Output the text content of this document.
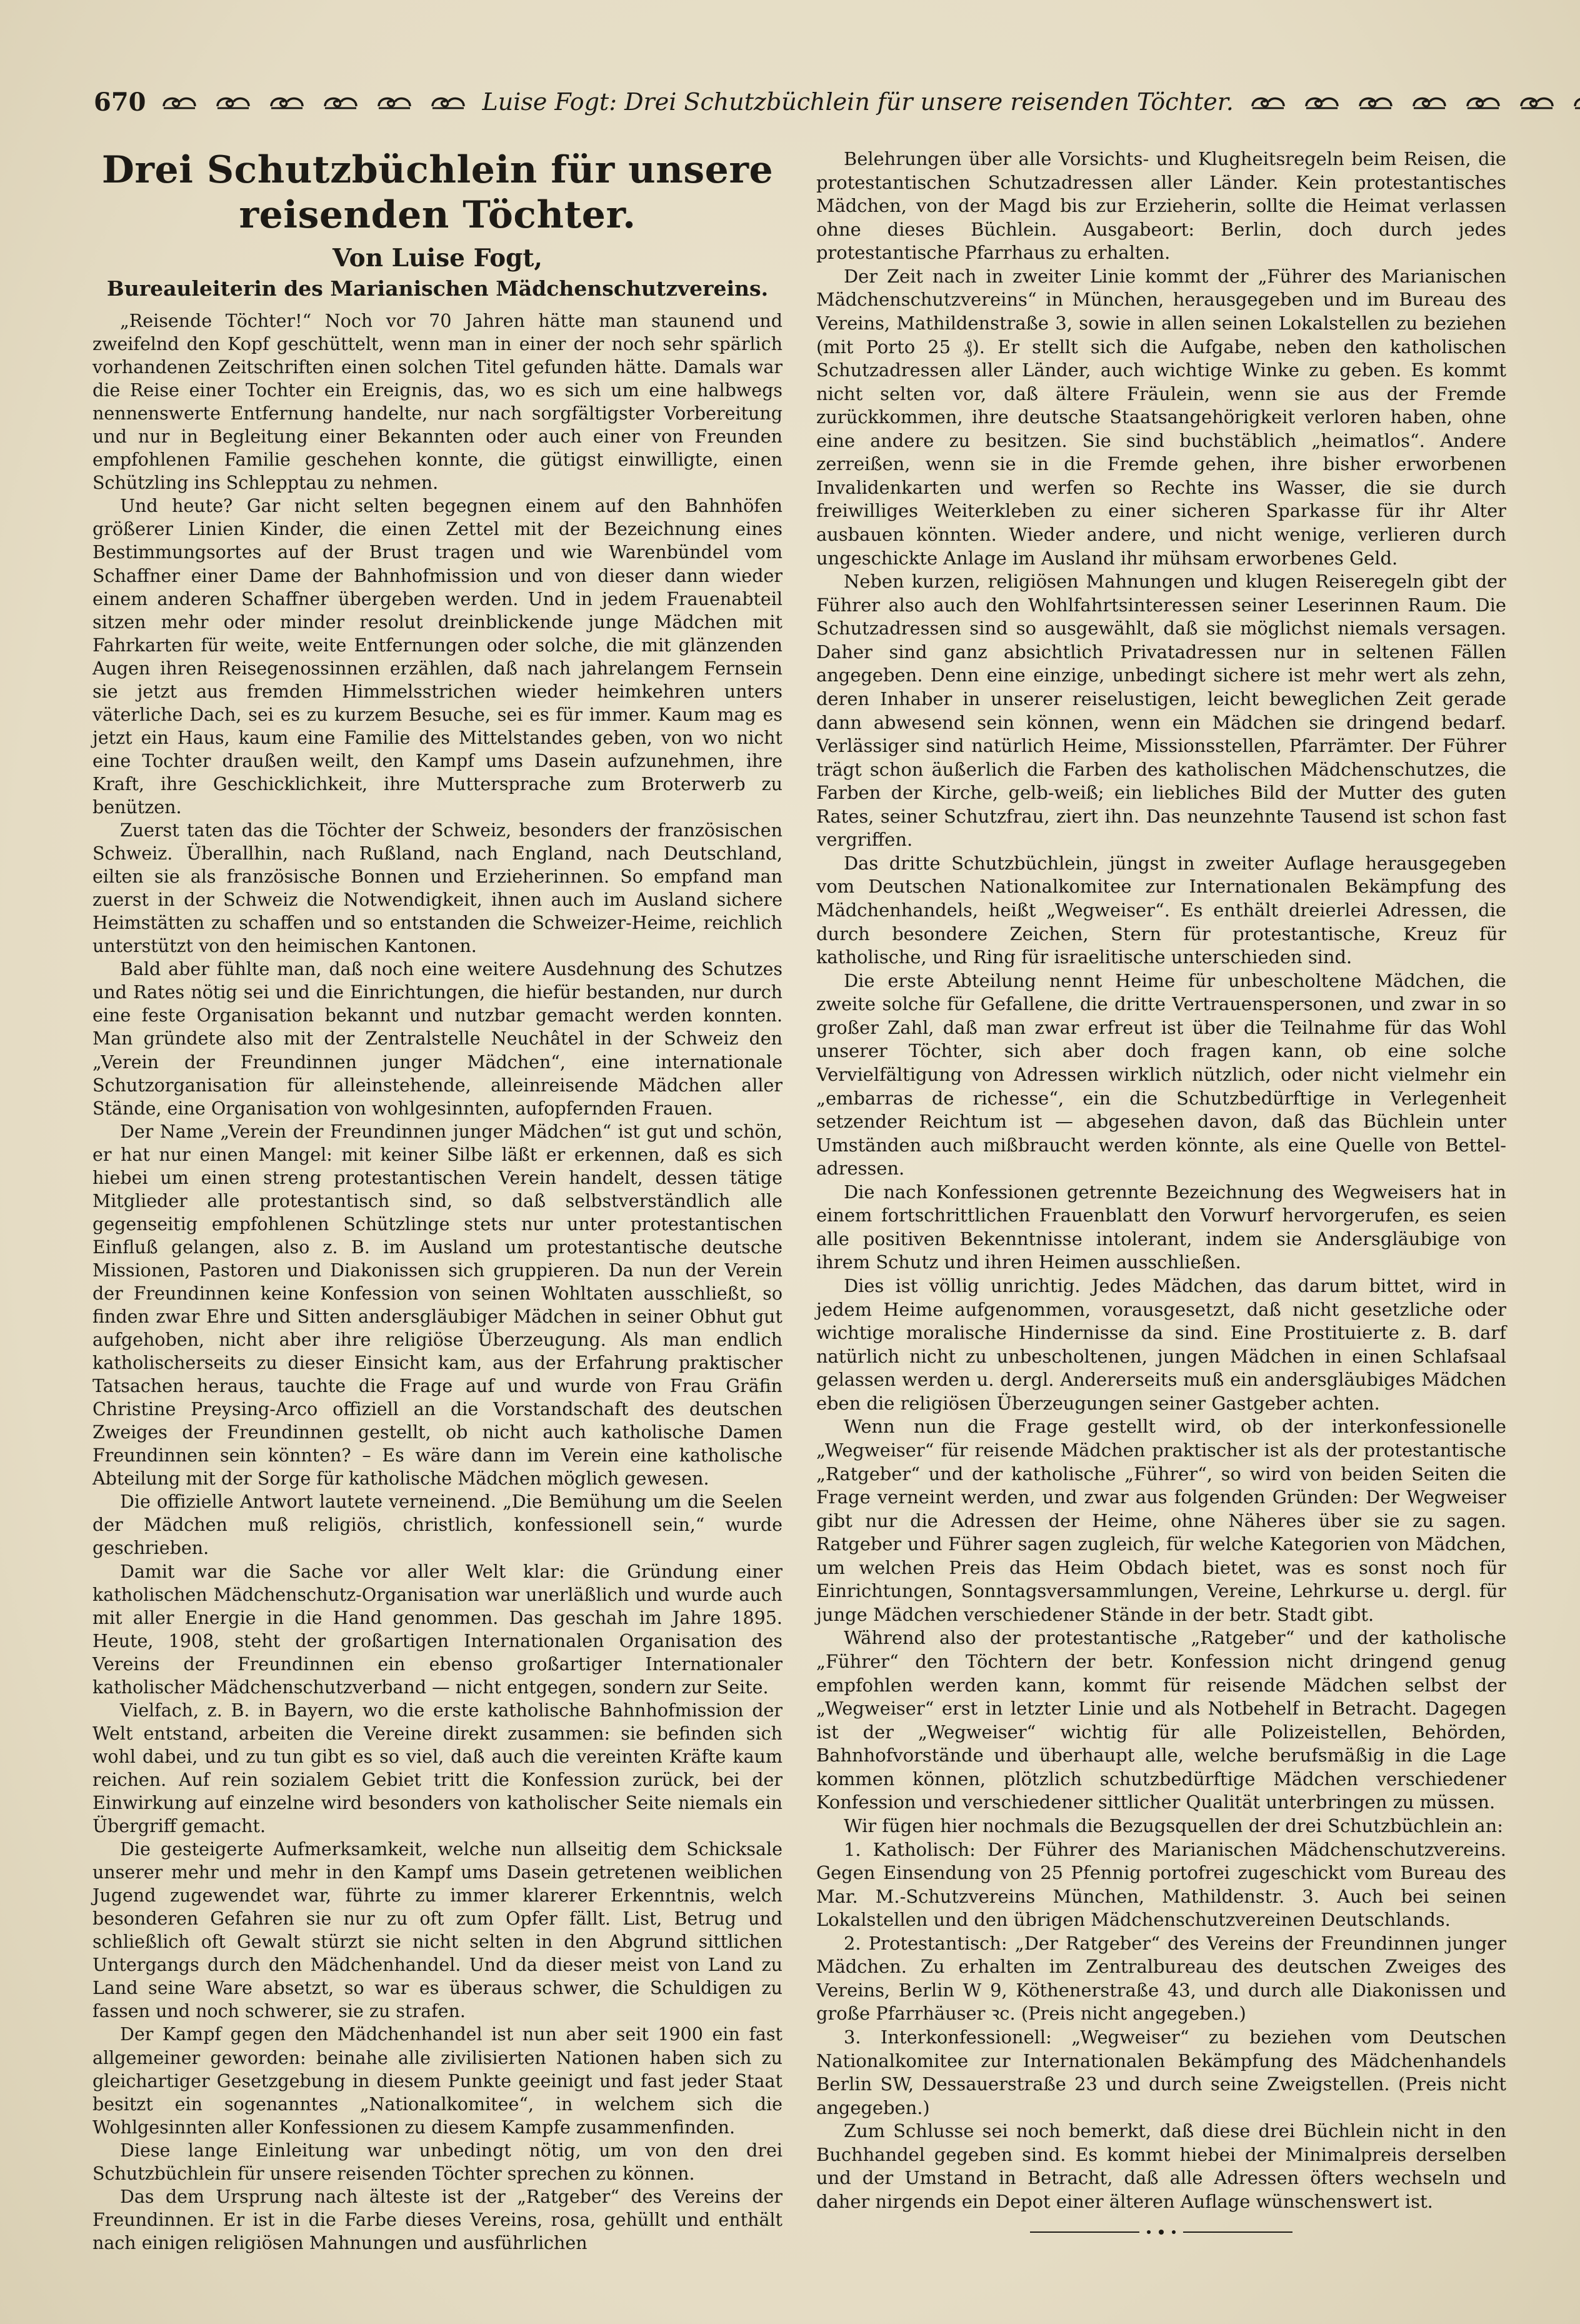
670	Luise Fogt: Drei Schutzbüchlein für unsere reisenden Töchter.
Drei Schutzbüchlein für unsere reisenden Töchter.
Von Luise Fogt,
Bureauleiterin des Marianischen Mädchenschutzvereins.

„Reisende Töchter!“ Noch vor 70 Jahren hätte man staunend und zweifelnd den Kopf geschüttelt, wenn man in einer der noch sehr spärlich vorhandenen Zeitschriften einen solchen Titel gefunden hätte. Damals war die Reise einer Tochter ein Ereignis, das, wo es sich um eine halbwegs nennenswerte Entfernung handelte, nur nach sorgfältigster Vorbereitung und nur in Begleitung einer Bekannten oder auch einer von Freunden empfohlenen Familie geschehen konnte, die gütigst einwilligte, einen Schützling ins Schlepptau zu nehmen.

Und heute? Gar nicht selten begegnen einem auf den Bahnhöfen größerer Linien Kinder, die einen Zettel mit der Bezeichnung eines Bestimmungsortes auf der Brust tragen und wie Warenbündel vom Schaffner einer Dame der Bahnhofmission und von dieser dann wieder einem anderen Schaffner übergeben werden. Und in jedem Frauenabteil sitzen mehr oder minder resolut dreinblickende junge Mädchen mit Fahrkarten für weite, weite Entfernungen oder solche, die mit glänzenden Augen ihren Reisegenossinnen erzählen, daß nach jahrelangem Fernsein sie jetzt aus fremden Himmelsstrichen wieder heimkehren unters väterliche Dach, sei es zu kurzem Besuche, sei es für immer. Kaum mag es jetzt ein Haus, kaum eine Familie des Mittelstandes geben, von wo nicht eine Tochter draußen weilt, den Kampf ums Dasein aufzunehmen, ihre Kraft, ihre Geschicklichkeit, ihre Muttersprache zum Broterwerb zu benützen.

Zuerst taten das die Töchter der Schweiz, besonders der französischen Schweiz. Überallhin, nach Rußland, nach England, nach Deutschland, eilten sie als französische Bonnen und Erzieherinnen. So empfand man zuerst in der Schweiz die Notwendigkeit, ihnen auch im Ausland sichere Heimstätten zu schaffen und so entstanden die Schweizer-Heime, reichlich unterstützt von den heimischen Kantonen.

Bald aber fühlte man, daß noch eine weitere Ausdehnung des Schutzes und Rates nötig sei und die Einrichtungen, die hiefür bestanden, nur durch eine feste Organisation bekannt und nutzbar gemacht werden konnten. Man gründete also mit der Zentralstelle Neuchâtel in der Schweiz den „Verein der Freundinnen junger Mädchen“, eine internationale Schutzorganisation für alleinstehende, alleinreisende Mädchen aller Stände, eine Organisation von wohlgesinnten, aufopfernden Frauen.

Der Name „Verein der Freundinnen junger Mädchen“ ist gut und schön, er hat nur einen Mangel: mit keiner Silbe läßt er erkennen, daß es sich hiebei um einen streng protestantischen Verein handelt, dessen tätige Mitglieder alle protestantisch sind, so daß selbstverständlich alle gegenseitig empfohlenen Schützlinge stets nur unter protestantischen Einfluß gelangen, also z. B. im Ausland um protestantische deutsche Missionen, Pastoren und Diakonissen sich gruppieren. Da nun der Verein der Freundinnen keine Konfession von seinen Wohltaten ausschließt, so finden zwar Ehre und Sitten andersgläubiger Mädchen in seiner Obhut gut aufgehoben, nicht aber ihre religiöse Überzeugung. Als man endlich katholischerseits zu dieser Einsicht kam, aus der Erfahrung praktischer Tatsachen heraus, tauchte die Frage auf und wurde von Frau Gräfin Christine Preysing-Arco offiziell an die Vorstandschaft des deutschen Zweiges der Freundinnen gestellt, ob nicht auch katholische Damen Freundinnen sein könnten? – Es wäre dann im Verein eine katholische Abteilung mit der Sorge für katholische Mädchen möglich gewesen.

Die offizielle Antwort lautete verneinend. „Die Bemühung um die Seelen der Mädchen muß religiös, christlich, konfessionell sein,“ wurde geschrieben.

Damit war die Sache vor aller Welt klar: die Gründung einer katholischen Mädchenschutz-Organisation war unerläßlich und wurde auch mit aller Energie in die Hand genommen. Das geschah im Jahre 1895. Heute, 1908, steht der großartigen Internationalen Organisation des Vereins der Freundinnen ein ebenso großartiger Internationaler katholischer Mädchenschutzverband — nicht entgegen, sondern zur Seite.

Vielfach, z. B. in Bayern, wo die erste katholische Bahnhofmission der Welt entstand, arbeiten die Vereine direkt zusammen: sie befinden sich wohl dabei, und zu tun gibt es so viel, daß auch die vereinten Kräfte kaum reichen. Auf rein sozialem Gebiet tritt die Konfession zurück, bei der Einwirkung auf einzelne wird besonders von katholischer Seite niemals ein Übergriff gemacht.

Die gesteigerte Aufmerksamkeit, welche nun allseitig dem Schicksale unserer mehr und mehr in den Kampf ums Dasein getretenen weiblichen Jugend zugewendet war, führte zu immer klarerer Erkenntnis, welch besonderen Gefahren sie nur zu oft zum Opfer fällt. List, Betrug und schließlich oft Gewalt stürzt sie nicht selten in den Abgrund sittlichen Untergangs durch den Mädchenhandel. Und da dieser meist von Land zu Land seine Ware absetzt, so war es überaus schwer, die Schuldigen zu fassen und noch schwerer, sie zu strafen.

Der Kampf gegen den Mädchenhandel ist nun aber seit 1900 ein fast allgemeiner geworden: beinahe alle zivilisierten Nationen haben sich zu gleichartiger Gesetzgebung in diesem Punkte geeinigt und fast jeder Staat besitzt ein sogenanntes „Nationalkomitee“, in welchem sich die Wohlgesinnten aller Konfessionen zu diesem Kampfe zusammenfinden.

Diese lange Einleitung war unbedingt nötig, um von den drei Schutzbüchlein für unsere reisenden Töchter sprechen zu können.

Das dem Ursprung nach älteste ist der „Ratgeber“ des Vereins der Freundinnen. Er ist in die Farbe dieses Vereins, rosa, gehüllt und enthält nach einigen religiösen Mahnungen und ausführlichen

Belehrungen über alle Vorsichts- und Klugheitsregeln beim Reisen, die protestantischen Schutzadressen aller Länder. Kein protestantisches Mädchen, von der Magd bis zur Erzieherin, sollte die Heimat verlassen ohne dieses Büchlein. Ausgabeort: Berlin, doch durch jedes protestantische Pfarrhaus zu erhalten.

Der Zeit nach in zweiter Linie kommt der „Führer des Marianischen Mädchenschutzvereins“ in München, herausgegeben und im Bureau des Vereins, Mathildenstraße 3, sowie in allen seinen Lokalstellen zu beziehen (mit Porto 25 ₰). Er stellt sich die Aufgabe, neben den katholischen Schutzadressen aller Länder, auch wichtige Winke zu geben. Es kommt nicht selten vor, daß ältere Fräulein, wenn sie aus der Fremde zurückkommen, ihre deutsche Staatsangehörigkeit verloren haben, ohne eine andere zu besitzen. Sie sind buchstäblich „heimatlos“. Andere zerreißen, wenn sie in die Fremde gehen, ihre bisher erworbenen Invalidenkarten und werfen so Rechte ins Wasser, die sie durch freiwilliges Weiterkleben zu einer sicheren Sparkasse für ihr Alter ausbauen könnten. Wieder andere, und nicht wenige, verlieren durch ungeschickte Anlage im Ausland ihr mühsam erworbenes Geld.

Neben kurzen, religiösen Mahnungen und klugen Reiseregeln gibt der Führer also auch den Wohlfahrtsinteressen seiner Leserinnen Raum. Die Schutzadressen sind so ausgewählt, daß sie möglichst niemals versagen. Daher sind ganz absichtlich Privatadressen nur in seltenen Fällen angegeben. Denn eine einzige, unbedingt sichere ist mehr wert als zehn, deren Inhaber in unserer reiselustigen, leicht beweglichen Zeit gerade dann abwesend sein können, wenn ein Mädchen sie dringend bedarf. Verlässiger sind natürlich Heime, Missionsstellen, Pfarrämter. Der Führer trägt schon äußerlich die Farben des katholischen Mädchenschutzes, die Farben der Kirche, gelb-weiß; ein liebliches Bild der Mutter des guten Rates, seiner Schutzfrau, ziert ihn. Das neunzehnte Tausend ist schon fast vergriffen.

Das dritte Schutzbüchlein, jüngst in zweiter Auflage herausgegeben vom Deutschen Nationalkomitee zur Internationalen Bekämpfung des Mädchenhandels, heißt „Wegweiser“. Es enthält dreierlei Adressen, die durch besondere Zeichen, Stern für protestantische, Kreuz für katholische, und Ring für israelitische unterschieden sind.

Die erste Abteilung nennt Heime für unbescholtene Mädchen, die zweite solche für Gefallene, die dritte Vertrauenspersonen, und zwar in so großer Zahl, daß man zwar erfreut ist über die Teilnahme für das Wohl unserer Töchter, sich aber doch fragen kann, ob eine solche Vervielfältigung von Adressen wirklich nützlich, oder nicht vielmehr ein „embarras de richesse“, ein die Schutzbedürftige in Verlegenheit setzender Reichtum ist — abgesehen davon, daß das Büchlein unter Umständen auch mißbraucht werden könnte, als eine Quelle von Bettel-adressen.

Die nach Konfessionen getrennte Bezeichnung des Wegweisers hat in einem fortschrittlichen Frauenblatt den Vorwurf hervorgerufen, es seien alle positiven Bekenntnisse intolerant, indem sie Andersgläubige von ihrem Schutz und ihren Heimen ausschließen.

Dies ist völlig unrichtig. Jedes Mädchen, das darum bittet, wird in jedem Heime aufgenommen, vorausgesetzt, daß nicht gesetzliche oder wichtige moralische Hindernisse da sind. Eine Prostituierte z. B. darf natürlich nicht zu unbescholtenen, jungen Mädchen in einen Schlafsaal gelassen werden u. dergl. Andererseits muß ein andersgläubiges Mädchen eben die religiösen Überzeugungen seiner Gastgeber achten.

Wenn nun die Frage gestellt wird, ob der interkonfessionelle „Wegweiser“ für reisende Mädchen praktischer ist als der protestantische „Ratgeber“ und der katholische „Führer“, so wird von beiden Seiten die Frage verneint werden, und zwar aus folgenden Gründen: Der Wegweiser gibt nur die Adressen der Heime, ohne Näheres über sie zu sagen. Ratgeber und Führer sagen zugleich, für welche Kategorien von Mädchen, um welchen Preis das Heim Obdach bietet, was es sonst noch für Einrichtungen, Sonntagsversammlungen, Vereine, Lehrkurse u. dergl. für junge Mädchen verschiedener Stände in der betr. Stadt gibt.

Während also der protestantische „Ratgeber“ und der katholische „Führer“ den Töchtern der betr. Konfession nicht dringend genug empfohlen werden kann, kommt für reisende Mädchen selbst der „Wegweiser“ erst in letzter Linie und als Notbehelf in Betracht. Dagegen ist der „Wegweiser“ wichtig für alle Polizeistellen, Behörden, Bahnhofvorstände und überhaupt alle, welche berufsmäßig in die Lage kommen können, plötzlich schutzbedürftige Mädchen verschiedener Konfession und verschiedener sittlicher Qualität unterbringen zu müssen.

Wir fügen hier nochmals die Bezugsquellen der drei Schutzbüchlein an:

1. Katholisch: Der Führer des Marianischen Mädchenschutzvereins. Gegen Einsendung von 25 Pfennig portofrei zugeschickt vom Bureau des Mar. M.-Schutzvereins München, Mathildenstr. 3. Auch bei seinen Lokalstellen und den übrigen Mädchenschutzvereinen Deutschlands.

2. Protestantisch: „Der Ratgeber“ des Vereins der Freundinnen junger Mädchen. Zu erhalten im Zentralbureau des deutschen Zweiges des Vereins, Berlin W 9, Köthenerstraße 43, und durch alle Diakonissen und große Pfarrhäuser ꝛc. (Preis nicht angegeben.)

3. Interkonfessionell: „Wegweiser“ zu beziehen vom Deutschen Nationalkomitee zur Internationalen Bekämpfung des Mädchenhandels Berlin SW, Dessauerstraße 23 und durch seine Zweigstellen. (Preis nicht angegeben.)

Zum Schlusse sei noch bemerkt, daß diese drei Büchlein nicht in den Buchhandel gegeben sind. Es kommt hiebei der Minimalpreis derselben und der Umstand in Betracht, daß alle Adressen öfters wechseln und daher nirgends ein Depot einer älteren Auflage wünschenswert ist.
